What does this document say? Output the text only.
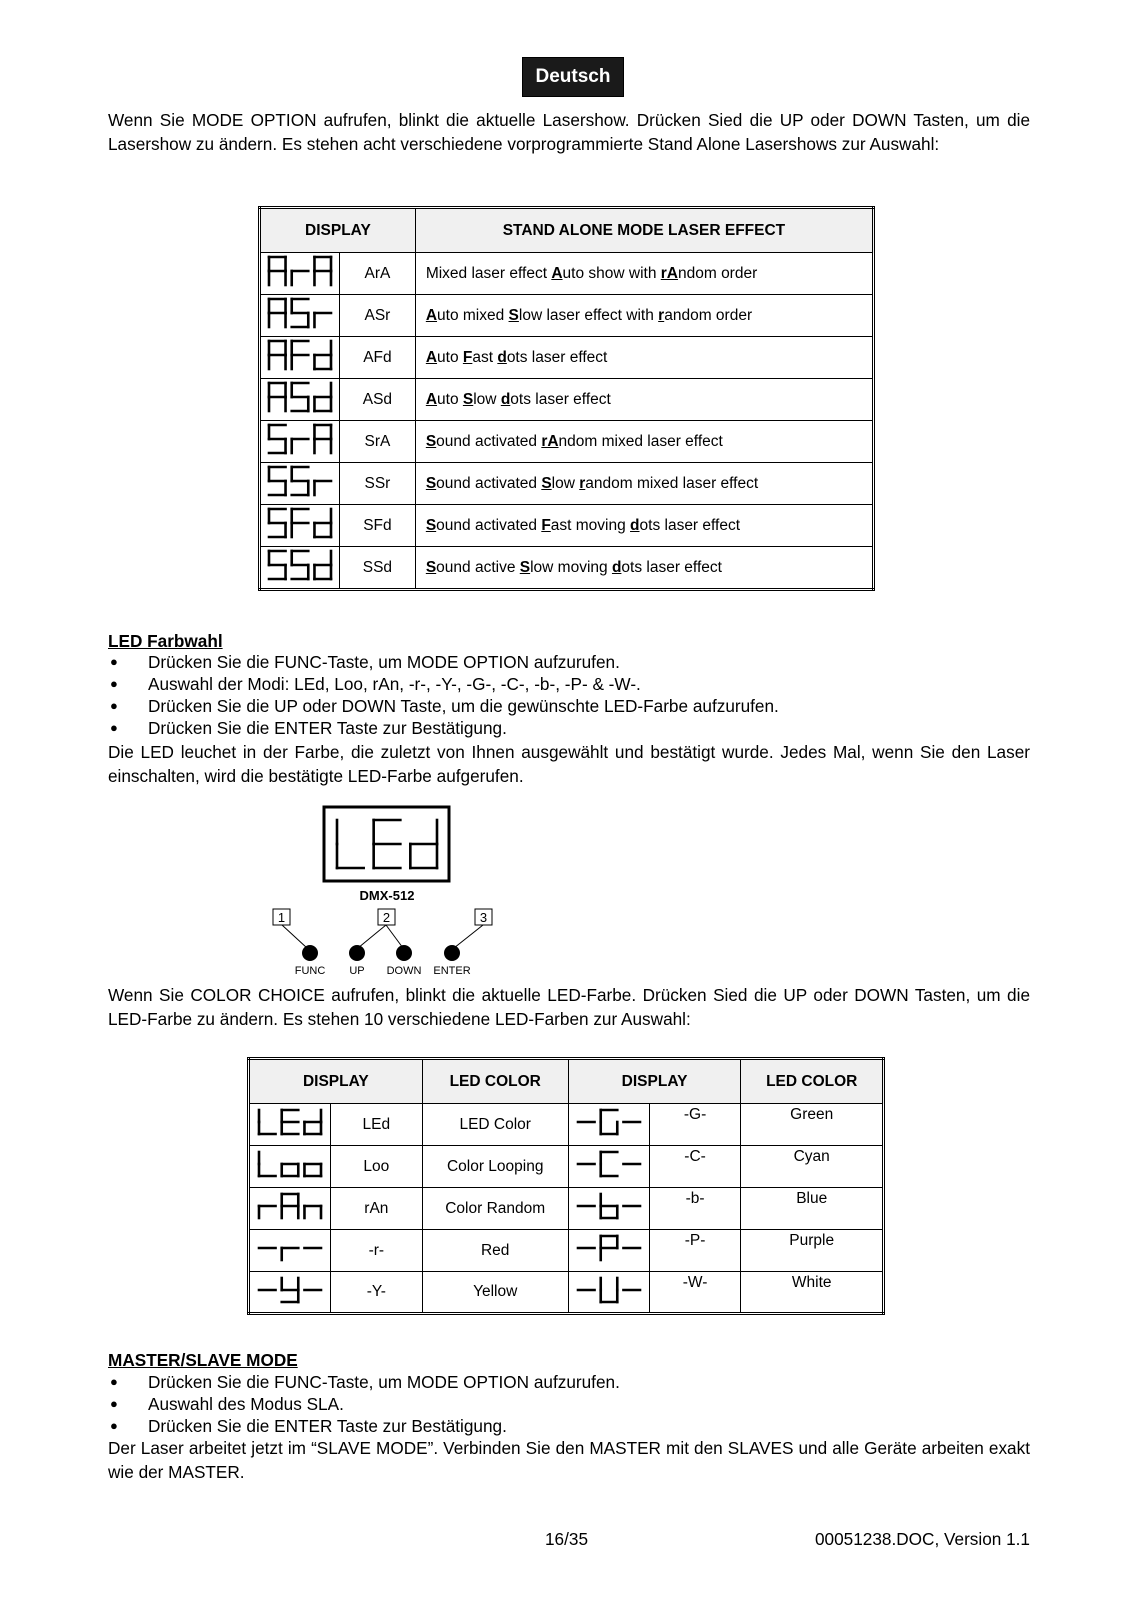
Deutsch
Wenn Sie MODE OPTION aufrufen, blinkt die aktuelle Lasershow. Drücken Sied die UP oder DOWN Tasten, um die Lasershow zu ändern. Es stehen acht verschiedene vorprogrammierte Stand Alone Lasershows zur Auswahl:
DISPLAY		STAND ALONE MODE LASER EFFECT
	ArA	Mixed laser effect Auto show with rAndom order
	ASr	Auto mixed Slow laser effect with random order
	AFd	Auto Fast dots laser effect
	ASd	Auto Slow dots laser effect
	SrA	Sound activated rAndom mixed laser effect
	SSr	Sound activated Slow random mixed laser effect
	SFd	Sound activated Fast moving dots laser effect
	SSd	Sound active Slow moving dots laser effect
LED Farbwahl
● Drücken Sie die FUNC-Taste, um MODE OPTION aufzurufen.
● Auswahl der Modi: LEd, Loo, rAn, -r-, -Y-, -G-, -C-, -b-, -P- & -W-.
● Drücken Sie die UP oder DOWN Taste, um die gewünschte LED-Farbe aufzurufen.
● Drücken Sie die ENTER Taste zur Bestätigung.
Die LED leuchet in der Farbe, die zuletzt von Ihnen ausgewählt und bestätigt wurde. Jedes Mal, wenn Sie den Laser einschalten, wird die bestätigte LED-Farbe aufgerufen.
DMX-512
1	2	3
FUNC UP DOWN ENTER
Wenn Sie COLOR CHOICE aufrufen, blinkt die aktuelle LED-Farbe. Drücken Sied die UP oder DOWN Tasten, um die LED-Farbe zu ändern. Es stehen 10 verschiedene LED-Farben zur Auswahl:
DISPLAY		LED COLOR	DISPLAY		LED COLOR
	LEd	LED Color		-G-	Green
	Loo	Color Looping		-C-	Cyan
	rAn	Color Random		-b-	Blue
	-r-	Red		-P-	Purple
	-Y-	Yellow		-W-	White
MASTER/SLAVE MODE
● Drücken Sie die FUNC-Taste, um MODE OPTION aufzurufen.
● Auswahl des Modus SLA.
● Drücken Sie die ENTER Taste zur Bestätigung.
Der Laser arbeitet jetzt im “SLAVE MODE”. Verbinden Sie den MASTER mit den SLAVES und alle Geräte arbeiten exakt wie der MASTER.
16/35	00051238.DOC, Version 1.1
